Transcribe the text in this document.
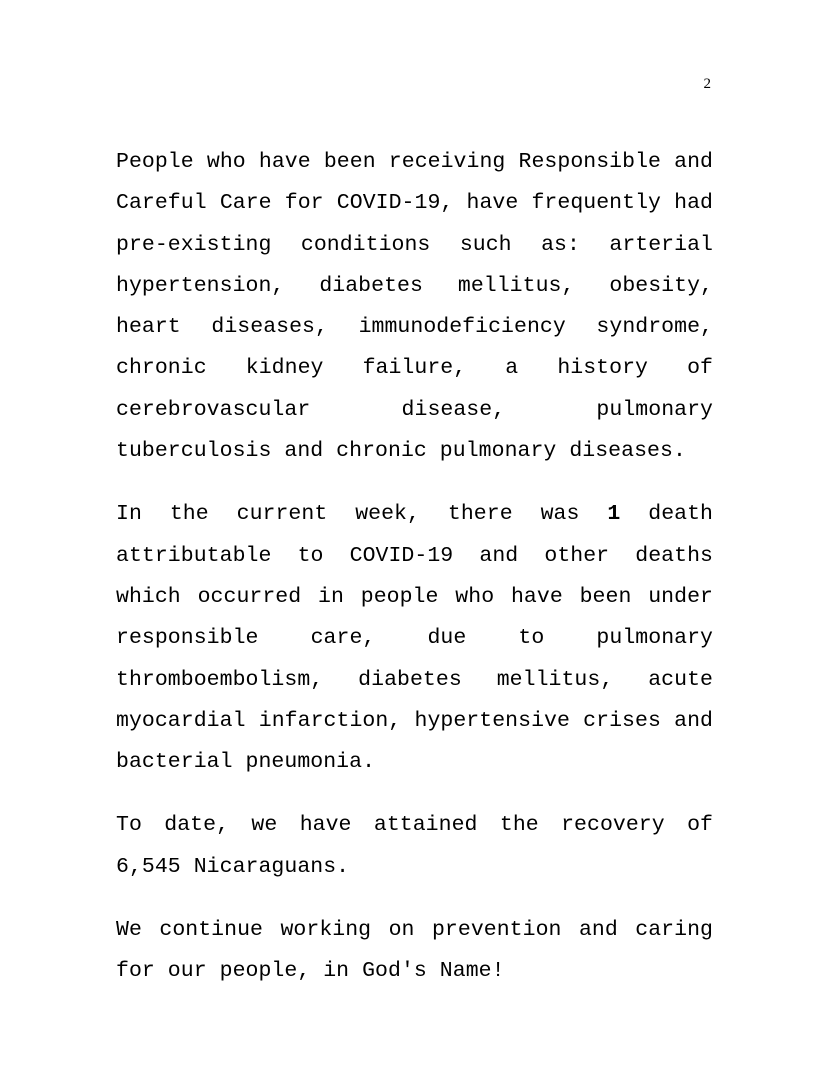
2

People who have been receiving Responsible and Careful Care for COVID-19, have frequently had pre-existing conditions such as: arterial hypertension, diabetes mellitus, obesity, heart diseases, immunodeficiency syndrome, chronic kidney failure, a history of cerebrovascular disease, pulmonary tuberculosis and chronic pulmonary diseases.

In the current week, there was 1 death attributable to COVID-19 and other deaths which occurred in people who have been under responsible care, due to pulmonary thromboembolism, diabetes mellitus, acute myocardial infarction, hypertensive crises and bacterial pneumonia.

To date, we have attained the recovery of 6,545 Nicaraguans.

We continue working on prevention and caring for our people, in God's Name!
